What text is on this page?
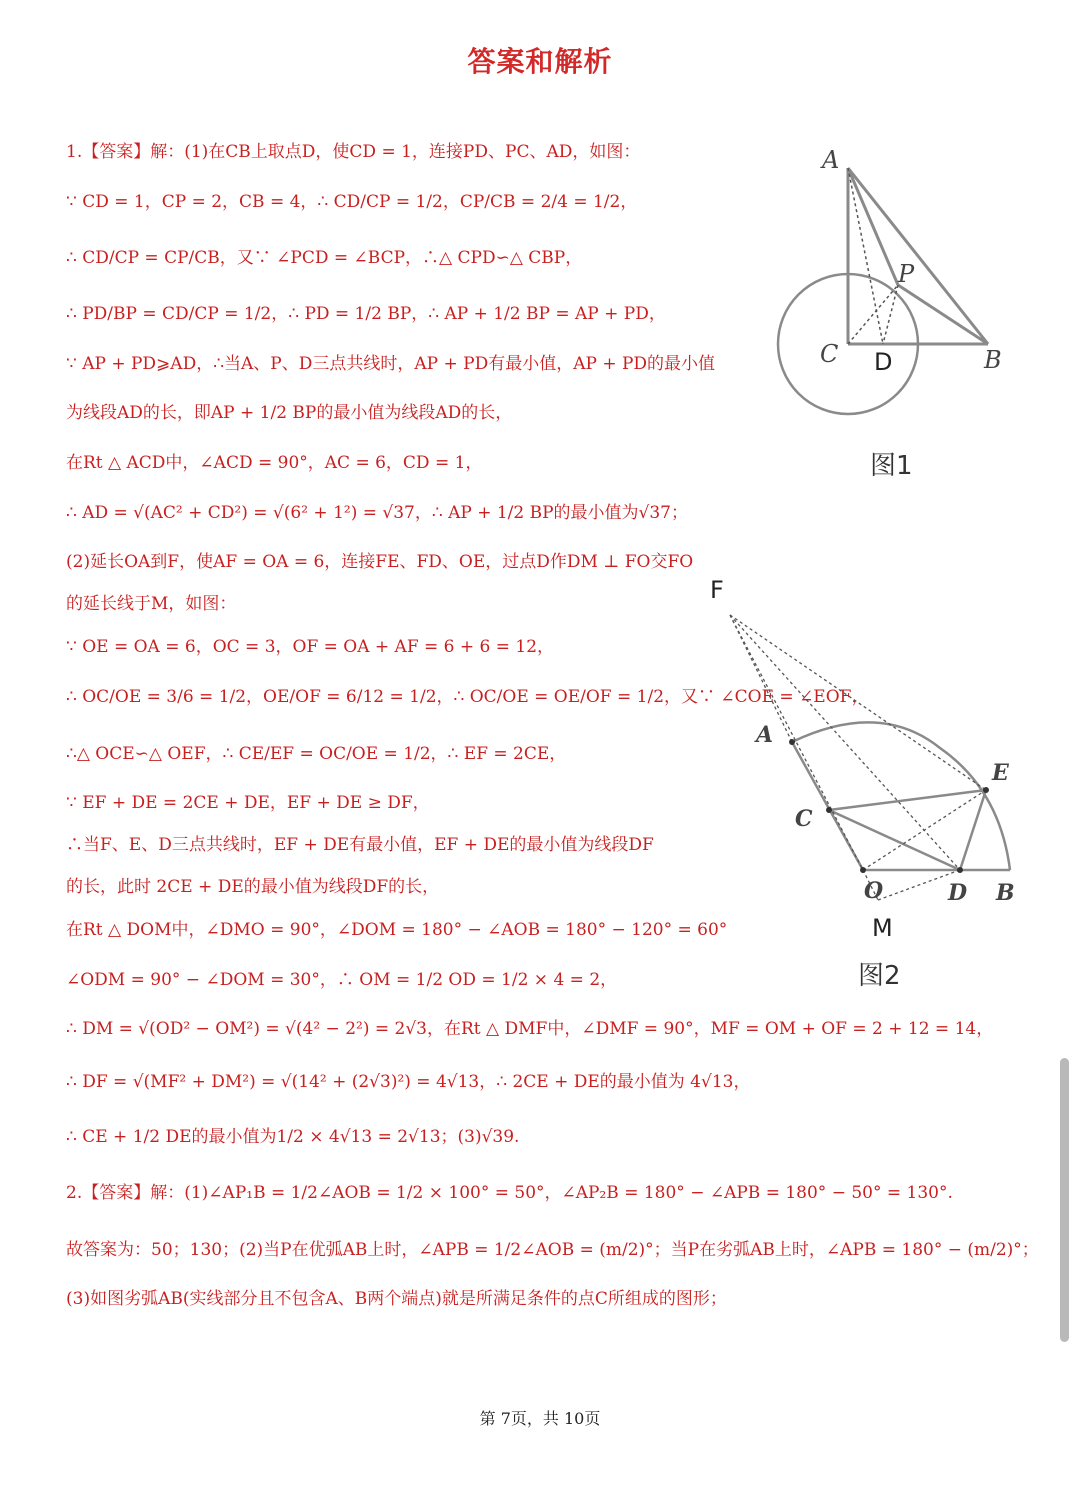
答案和解析
1.【答案】解：(1)在CB上取点D，使CD = 1，连接PD、PC、AD，如图：
∵ CD = 1，CP = 2，CB = 4，∴ CD/CP = 1/2，CP/CB = 2/4 = 1/2，
∴ CD/CP = CP/CB，又∵ ∠PCD = ∠BCP，∴△ CPD∽△ CBP，
∴ PD/BP = CD/CP = 1/2，∴ PD = 1/2 BP，∴ AP + 1/2 BP = AP + PD，
∵ AP + PD⩾AD，∴当A、P、D三点共线时，AP + PD有最小值，AP + PD的最小值
为线段AD的长，即AP + 1/2 BP的最小值为线段AD的长，
在Rt △ ACD中，∠ACD = 90°，AC = 6，CD = 1，
∴ AD = √(AC² + CD²) = √(6² + 1²) = √37，∴ AP + 1/2 BP的最小值为√37；
(2)延长OA到F，使AF = OA = 6，连接FE、FD、OE，过点D作DM ⊥ FO交FO
的延长线于M，如图：
∵ OE = OA = 6，OC = 3，OF = OA + AF = 6 + 6 = 12，
∴ OC/OE = 3/6 = 1/2，OE/OF = 6/12 = 1/2，∴ OC/OE = OE/OF = 1/2，又∵ ∠COE = ∠EOF，
∴△ OCE∽△ OEF，∴ CE/EF = OC/OE = 1/2，∴ EF = 2CE，
∵ EF + DE = 2CE + DE，EF + DE ≥ DF，
∴当F、E、D三点共线时，EF + DE有最小值，EF + DE的最小值为线段DF
的长，此时 2CE + DE的最小值为线段DF的长，
在Rt △ DOM中，∠DMO = 90°，∠DOM = 180° − ∠AOB = 180° − 120° = 60°
∠ODM = 90° − ∠DOM = 30°，∴ OM = 1/2 OD = 1/2 × 4 = 2，
∴ DM = √(OD² − OM²) = √(4² − 2²) = 2√3，在Rt △ DMF中，∠DMF = 90°，MF = OM + OF = 2 + 12 = 14，
∴ DF = √(MF² + DM²) = √(14² + (2√3)²) = 4√13，∴ 2CE + DE的最小值为 4√13，
∴ CE + 1/2 DE的最小值为1/2 × 4√13 = 2√13；(3)√39.
2.【答案】解：(1)∠AP₁B = 1/2∠AOB = 1/2 × 100° = 50°，∠AP₂B = 180° − ∠APB = 180° − 50° = 130°.
故答案为：50；130；(2)当P在优弧AB上时，∠APB = 1/2∠AOB = (m/2)°；当P在劣弧AB上时，∠APB = 180° − (m/2)°；
(3)如图劣弧AB(实线部分且不包含A、B两个端点)就是所满足条件的点C所组成的图形；
A
P
C	B
D
图1
A
E
C
O	D B
F
M
图2
第 7页，共 10页
